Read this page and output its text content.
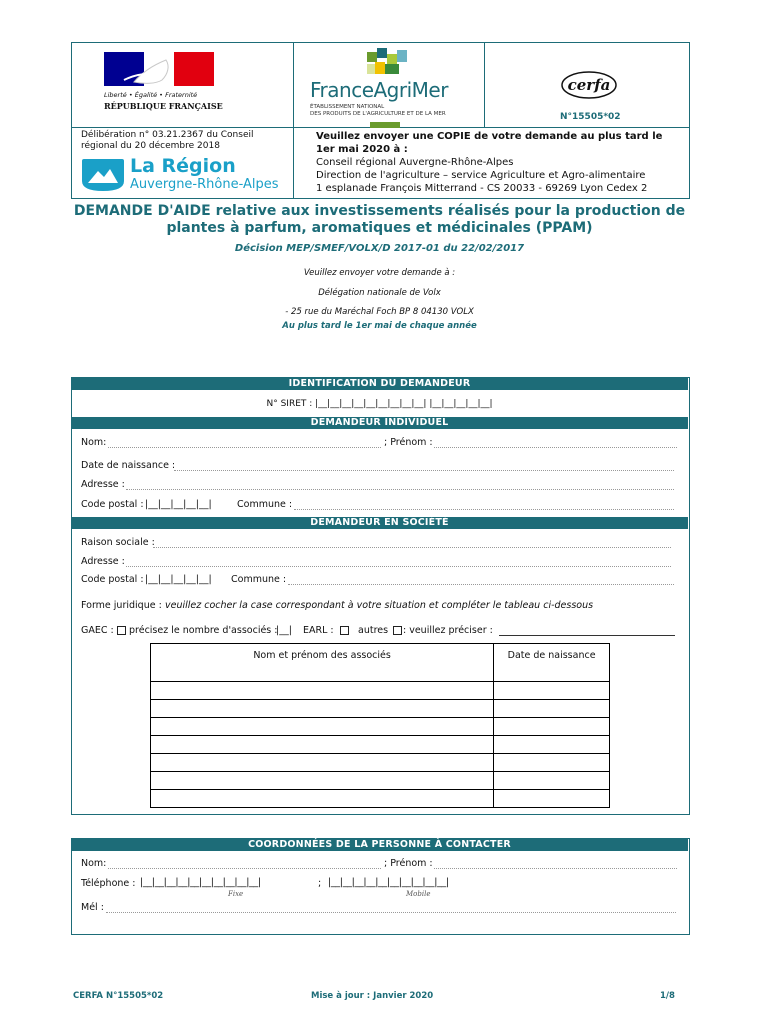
Liberté • Égalité • Fraternité
RÉPUBLIQUE FRANÇAISE
FranceAgriMer
ÉTABLISSEMENT NATIONAL
DES PRODUITS DE L'AGRICULTURE ET DE LA MER
cerfa
N°15505*02
Délibération n° 03.21.2367 du Conseil régional du 20 décembre 2018
La Région
Auvergne-Rhône-Alpes
Veuillez envoyer une COPIE de votre demande au plus tard le
1er mai 2020 à :
Conseil régional Auvergne-Rhône-Alpes
Direction de l'agriculture – service Agriculture et Agro-alimentaire
1 esplanade François Mitterrand - CS 20033 - 69269 Lyon Cedex 2
DEMANDE D'AIDE relative aux investissements réalisés pour la production de
plantes à parfum, aromatiques et médicinales (PPAM)
Décision MEP/SMEF/VOLX/D 2017-01 du 22/02/2017
Veuillez envoyer votre demande à :
Délégation nationale de Volx
- 25 rue du Maréchal Foch BP 8 04130 VOLX
Au plus tard le 1er mai de chaque année
IDENTIFICATION DU DEMANDEUR
N° SIRET : |__|__|__|__|__|__|__|__|__| |__|__|__|__|__|
DEMANDEUR INDIVIDUEL
Nom:	; Prénom :
Date de naissance :
Adresse :
Code postal : |__|__|__|__|__|	Commune :
DEMANDEUR EN SOCIÉTÉ
Raison sociale :
Adresse :
Code postal : |__|__|__|__|__| Commune :
Forme juridique : veuillez cocher la case correspondant à votre situation et compléter le tableau ci-dessous
GAEC : précisez le nombre d'associés :
|__| EARL :	autres : veuillez préciser :
Nom et prénom des associés	Date de naissance

COORDONNÉES DE LA PERSONNE À CONTACTER
Nom:	; Prénom :
Téléphone : |__|__|__|__|__|__|__|__|__|__|	; |__|__|__|__|__|__|__|__|__|__|
Fixe	Mobile
Mél :
CERFA N°15505*02	Mise à jour : Janvier 2020	1/8
